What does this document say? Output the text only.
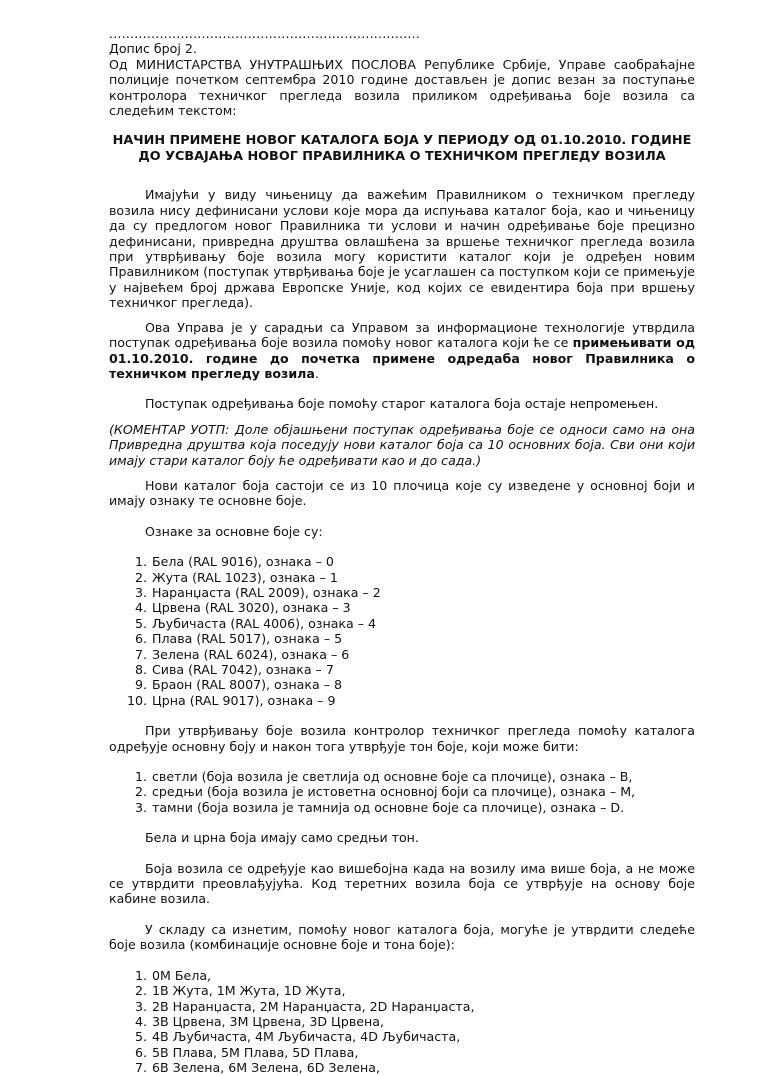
..........................................................................

Допис број 2.

Од МИНИСТАРСТВА УНУТРАШЊИХ ПОСЛОВА Републике Србије, Управе саобраћајне полиције почетком септембра 2010 године достављен је допис везан за поступање контролора техничког прегледа возила приликом одређивања боје возила са следећим текстом:

НАЧИН ПРИМЕНЕ НОВОГ КАТАЛОГА БОЈА У ПЕРИОДУ ОД 01.10.2010. ГОДИНЕ
ДО УСВАЈАЊА НОВОГ ПРАВИЛНИКА О ТЕХНИЧКОМ ПРЕГЛЕДУ ВОЗИЛА

Имајући у виду чињеницу да важећим Правилником о техничком прегледу возила нису дефинисани услови које мора да испуњава каталог боја, као и чињеницу да су предлогом новог Правилника ти услови и начин одређивање боје прецизно дефинисани, привредна друштва овлашћена за вршење техничког прегледа возила при утврђивању боје возила могу користити каталог који је одређен новим Правилником (поступак утврђивања боје је усаглашен са поступком који се примењује у највећем број држава Европске Уније, код којих се евидентира боја при вршењу техничког прегледа).

Ова Управа је у сарадњи са Управом за информационе технологије утврдила поступак одређивања боје возила помоћу новог каталога који ће се примењивати од 01.10.2010. године до почетка примене одредаба новог Правилника о техничком прегледу возила.

Поступак одређивања боје помоћу старог каталога боја остаје непромењен.

(КОМЕНТАР УОТП: Доле објашњени поступак одређивања боје се односи само на она Привредна друштва која поседују нови каталог боја са 10 основних боја. Сви они који имају стари каталог боју ће одређивати као и до сада.)

Нови каталог боја састоји се из 10 плочица које су изведене у основној боји и имају ознаку те основне боје.

Ознаке за основне боје су:

1. Бела (RAL 9016), ознака – 0
2. Жута (RAL 1023), ознака – 1
3. Наранџаста (RAL 2009), ознака – 2
4. Црвена (RAL 3020), ознака – 3
5. Љубичаста (RAL 4006), ознака – 4
6. Плава (RAL 5017), ознака – 5
7. Зелена (RAL 6024), ознака – 6
8. Сива (RAL 7042), ознака – 7
9. Браон (RAL 8007), ознака – 8
10. Црна (RAL 9017), ознака – 9

При утврђивању боје возила контролор техничког прегледа помоћу каталога одређује основну боју и након тога утврђује тон боје, који може бити:

1. светли (боја возила је светлија од основне боје са плочице), ознака – B,
2. средњи (боја возила је истоветна основној боји са плочице), ознака – M,
3. тамни (боја возила је тамнија од основне боје са плочице), ознака – D.

Бела и црна боја имају само средњи тон.

Боја возила се одређује као вишебојна када на возилу има више боја, а не може се утврдити преовлађујућа. Код теретних возила боја се утврђује на основу боје кабине возила.

У складу са изнетим, помоћу новог каталога боја, могуће је утврдити следеће боје возила (комбинације основне боје и тона боје):

1. 0M Бела,
2. 1B Жута, 1M Жута, 1D Жута,
3. 2B Наранџаста, 2M Наранџаста, 2D Наранџаста,
4. 3B Црвена, 3M Црвена, 3D Црвена,
5. 4B Љубичаста, 4M Љубичаста, 4D Љубичаста,
6. 5B Плава, 5M Плава, 5D Плава,
7. 6B Зелена, 6M Зелена, 6D Зелена,
